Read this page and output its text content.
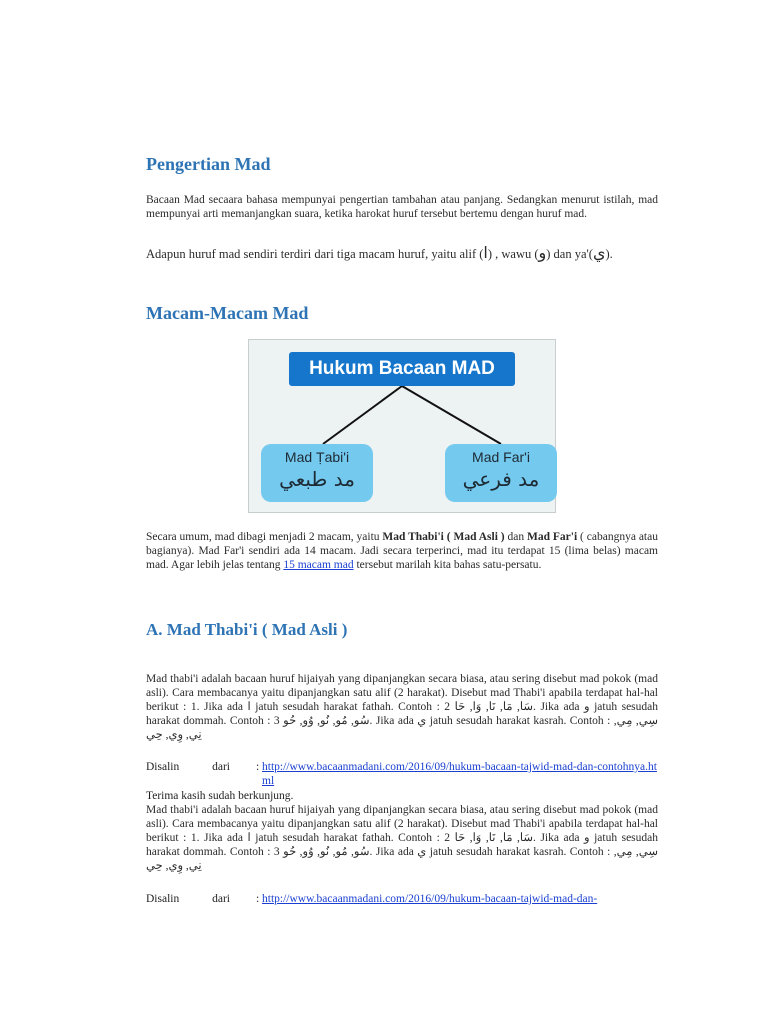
Pengertian Mad

Bacaan Mad secaara bahasa mempunyai pengertian tambahan atau panjang. Sedangkan menurut istilah, mad mempunyai arti memanjangkan suara, ketika harokat huruf tersebut bertemu dengan huruf mad.

Adapun huruf mad sendiri terdiri dari tiga macam huruf, yaitu alif (ا) , wawu (و) dan ya'(ي).

Macam-Macam Mad
Hukum Bacaan MAD
Mad Ṭabi'i
مد طبعي
Mad Far'i
مد فرعي

Secara umum, mad dibagi menjadi 2 macam, yaitu Mad Thabi'i ( Mad Asli ) dan Mad Far'i ( cabangnya atau bagianya). Mad Far'i sendiri ada 14 macam. Jadi secara terperinci, mad itu terdapat 15 (lima belas) macam mad. Agar lebih jelas tentang 15 macam mad tersebut marilah kita bahas satu-persatu.

A. Mad Thabi'i ( Mad Asli )

Mad thabi'i adalah bacaan huruf hijaiyah yang dipanjangkan secara biasa, atau sering disebut mad pokok (mad asli). Cara membacanya yaitu dipanjangkan satu alif (2 harakat). Disebut mad Thabi'i apabila terdapat hal-hal berikut : 1. Jika ada ا jatuh sesudah harakat fathah. Contoh : سَا, مَا, نَا, وَا, حَا 2. Jika ada و jatuh sesudah harakat dommah. Contoh : سُو, مُو, نُو, وُو, حُو 3. Jika ada ي jatuh sesudah harakat kasrah. Contoh : سِي, مِي, نِي, وِي, حِي

Disalin dari : http://www.bacaanmadani.com/2016/09/hukum-bacaan-tajwid-mad-dan-contohnya.html
Terima kasih sudah berkunjung.

Mad thabi'i adalah bacaan huruf hijaiyah yang dipanjangkan secara biasa, atau sering disebut mad pokok (mad asli). Cara membacanya yaitu dipanjangkan satu alif (2 harakat). Disebut mad Thabi'i apabila terdapat hal-hal berikut : 1. Jika ada ا jatuh sesudah harakat fathah. Contoh : سَا, مَا, نَا, وَا, حَا 2. Jika ada و jatuh sesudah harakat dommah. Contoh : سُو, مُو, نُو, وُو, حُو 3. Jika ada ي jatuh sesudah harakat kasrah. Contoh : سِي, مِي, نِي, وِي, حِي

Disalin dari : http://www.bacaanmadani.com/2016/09/hukum-bacaan-tajwid-mad-dan-
